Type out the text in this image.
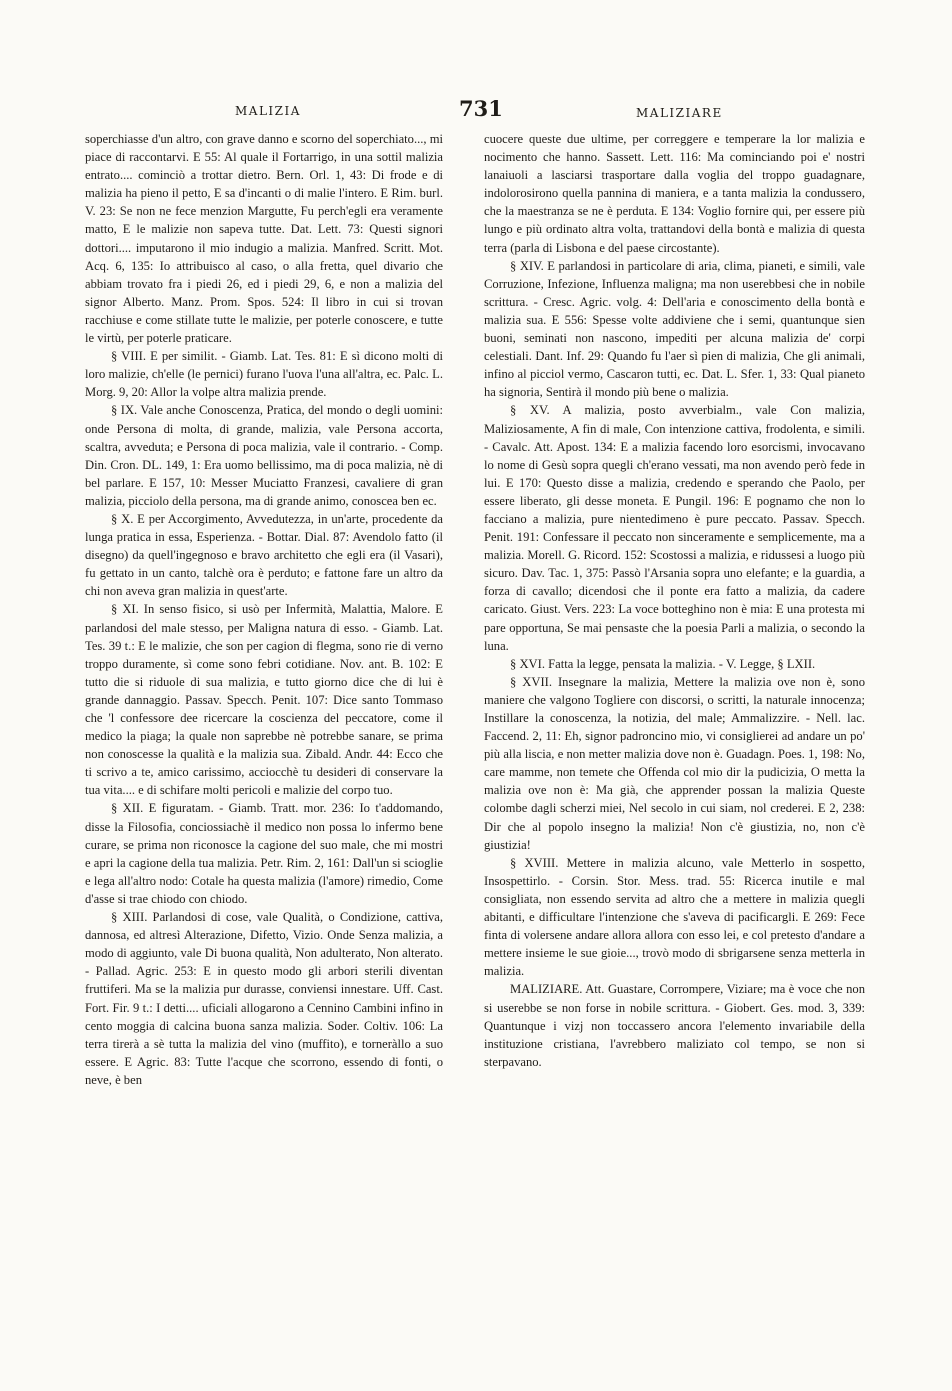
MALIZIA	731	MALIZIARE

soperchiasse d'un altro, con grave danno e scorno del soperchiato..., mi piace di raccontarvi. E 55: Al quale il Fortarrigo, in una sottil malizia entrato.... cominciò a trottar dietro. Bern. Orl. 1, 43: Di frode e di malizia ha pieno il petto, E sa d'incanti o di malie l'intero. E Rim. burl. V. 23: Se non ne fece menzion Margutte, Fu perch'egli era veramente matto, E le malizie non sapeva tutte. Dat. Lett. 73: Questi signori dottori.... imputarono il mio indugio a malizia. Manfred. Scritt. Mot. Acq. 6, 135: Io attribuisco al caso, o alla fretta, quel divario che abbiam trovato fra i piedi 26, ed i piedi 29, 6, e non a malizia del signor Alberto. Manz. Prom. Spos. 524: Il libro in cui si trovan racchiuse e come stillate tutte le malizie, per poterle conoscere, e tutte le virtù, per poterle praticare.

§ VIII. E per similit. - Giamb. Lat. Tes. 81: E sì dicono molti di loro malizie, ch'elle (le pernici) furano l'uova l'una all'altra, ec. Palc. L. Morg. 9, 20: Allor la volpe altra malizia prende.

§ IX. Vale anche Conoscenza, Pratica, del mondo o degli uomini: onde Persona di molta, di grande, malizia, vale Persona accorta, scaltra, avveduta; e Persona di poca malizia, vale il contrario. - Comp. Din. Cron. DL. 149, 1: Era uomo bellissimo, ma di poca malizia, nè di bel parlare. E 157, 10: Messer Muciatto Franzesi, cavaliere di gran malizia, picciolo della persona, ma di grande animo, conoscea ben ec.

§ X. E per Accorgimento, Avvedutezza, in un'arte, procedente da lunga pratica in essa, Esperienza. - Bottar. Dial. 87: Avendolo fatto (il disegno) da quell'ingegnoso e bravo architetto che egli era (il Vasari), fu gettato in un canto, talchè ora è perduto; e fattone fare un altro da chi non aveva gran malizia in quest'arte.

§ XI. In senso fisico, si usò per Infermità, Malattia, Malore. E parlandosi del male stesso, per Maligna natura di esso. - Giamb. Lat. Tes. 39 t.: E le malizie, che son per cagion di flegma, sono rie di verno troppo duramente, sì come sono febri cotidiane. Nov. ant. B. 102: E tutto die si riduole di sua malizia, e tutto giorno dice che di lui è grande dannaggio. Passav. Specch. Penit. 107: Dice santo Tommaso che 'l confessore dee ricercare la coscienza del peccatore, come il medico la piaga; la quale non saprebbe nè potrebbe sanare, se prima non conoscesse la qualità e la malizia sua. Zibald. Andr. 44: Ecco che ti scrivo a te, amico carissimo, acciocchè tu desideri di conservare la tua vita.... e di schifare molti pericoli e malizie del corpo tuo.

§ XII. E figuratam. - Giamb. Tratt. mor. 236: Io t'addomando, disse la Filosofia, conciossiachè il medico non possa lo infermo bene curare, se prima non riconosce la cagione del suo male, che mi mostri e apri la cagione della tua malizia. Petr. Rim. 2, 161: Dall'un si scioglie e lega all'altro nodo: Cotale ha questa malizia (l'amore) rimedio, Come d'asse si trae chiodo con chiodo.

§ XIII. Parlandosi di cose, vale Qualità, o Condizione, cattiva, dannosa, ed altresì Alterazione, Difetto, Vizio. Onde Senza malizia, a modo di aggiunto, vale Di buona qualità, Non adulterato, Non alterato. - Pallad. Agric. 253: E in questo modo gli arbori sterili diventan fruttiferi. Ma se la malizia pur durasse, conviensi innestare. Uff. Cast. Fort. Fir. 9 t.: I detti.... uficiali allogarono a Cennino Cambini infino in cento moggia di calcina buona sanza malizia. Soder. Coltiv. 106: La terra tirerà a sè tutta la malizia del vino (muffito), e torneràllo a suo essere. E Agric. 83: Tutte l'acque che scorrono, essendo di fonti, o neve, è ben

cuocere queste due ultime, per correggere e temperare la lor malizia e nocimento che hanno. Sassett. Lett. 116: Ma cominciando poi e' nostri lanaiuoli a lasciarsi trasportare dalla voglia del troppo guadagnare, indolorosirono quella pannina di maniera, e a tanta malizia la condussero, che la maestranza se ne è perduta. E 134: Voglio fornire qui, per essere più lungo e più ordinato altra volta, trattandovi della bontà e malizia di questa terra (parla di Lisbona e del paese circostante).

§ XIV. E parlandosi in particolare di aria, clima, pianeti, e simili, vale Corruzione, Infezione, Influenza maligna; ma non userebbesi che in nobile scrittura. - Cresc. Agric. volg. 4: Dell'aria e conoscimento della bontà e malizia sua. E 556: Spesse volte addiviene che i semi, quantunque sien buoni, seminati non nascono, impediti per alcuna malizia de' corpi celestiali. Dant. Inf. 29: Quando fu l'aer sì pien di malizia, Che gli animali, infino al picciol vermo, Cascaron tutti, ec. Dat. L. Sfer. 1, 33: Qual pianeto ha signoria, Sentirà il mondo più bene o malizia.

§ XV. A malizia, posto avverbialm., vale Con malizia, Maliziosamente, A fin di male, Con intenzione cattiva, frodolenta, e simili. - Cavalc. Att. Apost. 134: E a malizia facendo loro esorcismi, invocavano lo nome di Gesù sopra quegli ch'erano vessati, ma non avendo però fede in lui. E 170: Questo disse a malizia, credendo e sperando che Paolo, per essere liberato, gli desse moneta. E Pungil. 196: E pognamo che non lo facciano a malizia, pure nientedimeno è pure peccato. Passav. Specch. Penit. 191: Confessare il peccato non sinceramente e semplicemente, ma a malizia. Morell. G. Ricord. 152: Scostossi a malizia, e ridussesi a luogo più sicuro. Dav. Tac. 1, 375: Passò l'Arsania sopra uno elefante; e la guardia, a forza di cavallo; dicendosi che il ponte era fatto a malizia, da cadere caricato. Giust. Vers. 223: La voce botteghino non è mia: E una protesta mi pare opportuna, Se mai pensaste che la poesia Parli a malizia, o secondo la luna.

§ XVI. Fatta la legge, pensata la malizia. - V. Legge, § LXII.

§ XVII. Insegnare la malizia, Mettere la malizia ove non è, sono maniere che valgono Togliere con discorsi, o scritti, la naturale innocenza; Instillare la conoscenza, la notizia, del male; Ammalizzire. - Nell. lac. Faccend. 2, 11: Eh, signor padroncino mio, vi consiglierei ad andare un po' più alla liscia, e non metter malizia dove non è. Guadagn. Poes. 1, 198: No, care mamme, non temete che Offenda col mio dir la pudicizia, O metta la malizia ove non è: Ma già, che apprender possan la malizia Queste colombe dagli scherzi miei, Nel secolo in cui siam, nol crederei. E 2, 238: Dir che al popolo insegno la malizia! Non c'è giustizia, no, non c'è giustizia!

§ XVIII. Mettere in malizia alcuno, vale Metterlo in sospetto, Insospettirlo. - Corsin. Stor. Mess. trad. 55: Ricerca inutile e mal consigliata, non essendo servita ad altro che a mettere in malizia quegli abitanti, e difficultare l'intenzione che s'aveva di pacificargli. E 269: Fece finta di volersene andare allora allora con esso lei, e col pretesto d'andare a mettere insieme le sue gioie..., trovò modo di sbrigarsene senza metterla in malizia.

MALIZIARE. Att. Guastare, Corrompere, Viziare; ma è voce che non si userebbe se non forse in nobile scrittura. - Giobert. Ges. mod. 3, 339: Quantunque i vizj non toccassero ancora l'elemento invariabile della instituzione cristiana, l'avrebbero maliziato col tempo, se non si sterpavano.
